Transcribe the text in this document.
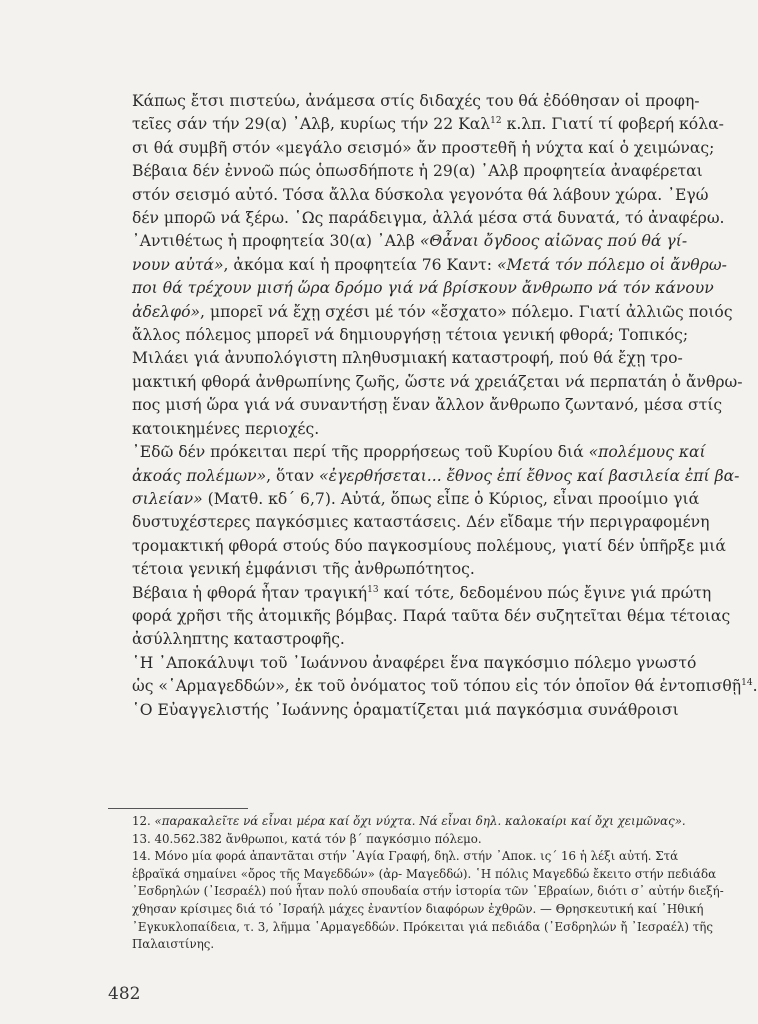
Κάπως ἔτσι πιστεύω, ἀνάμεσα στίς διδαχές του θά ἐδόθησαν οἱ προφη-
τεῖες σάν τήν 29(α) ᾿Αλβ, κυρίως τήν 22 Καλ$^{12}$ κ.λπ. Γιατί τί φοβερή κόλα-
σι θά συμβῆ στόν «μεγάλο σεισμό» ἄν προστεθῆ ἡ νύχτα καί ὁ χειμώνας;
Βέβαια δέν ἐννοῶ πώς ὁπωσδήποτε ἡ 29(α) ᾿Αλβ προφητεία ἀναφέρεται
στόν σεισμό αὐτό. Τόσα ἄλλα δύσκολα γεγονότα θά λάβουν χώρα. ᾿Εγώ
δέν μπορῶ νά ξέρω. ῾Ως παράδειγμα, ἀλλά μέσα στά δυνατά, τό ἀναφέρω.

᾿Αντιθέτως ἡ προφητεία 30(α) ᾿Αλβ «Θἆναι ὄγδοος αἰῶνας πού θά γί-
νουν αὐτά», ἀκόμα καί ἡ προφητεία 76 Καντ: «Μετά τόν πόλεμο οἱ ἄνθρω-
ποι θά τρέχουν μισή ὥρα δρόμο γιά νά βρίσκουν ἄνθρωπο νά τόν κάνουν
ἀδελφό», μπορεῖ νά ἔχῃ σχέσι μέ τόν «ἔσχατο» πόλεμο. Γιατί ἀλλιῶς ποιός
ἄλλος πόλεμος μπορεῖ νά δημιουργήσῃ τέτοια γενική φθορά; Τοπικός;

Μιλάει γιά ἀνυπολόγιστη πληθυσμιακή καταστροφή, πού θά ἔχῃ τρο-
μακτική φθορά ἀνθρωπίνης ζωῆς, ὥστε νά χρειάζεται νά περπατάη ὁ ἄνθρω-
πος μισή ὥρα γιά νά συναντήσῃ ἕναν ἄλλον ἄνθρωπο ζωντανό, μέσα στίς
κατοικημένες περιοχές.

᾿Εδῶ δέν πρόκειται περί τῆς προρρήσεως τοῦ Κυρίου διά «πολέμους καί
ἀκοάς πολέμων», ὅταν «ἐγερθήσεται... ἔθνος ἐπί ἔθνος καί βασιλεία ἐπί βα-
σιλείαν» (Ματθ. κδ΄ 6,7). Αὐτά, ὅπως εἶπε ὁ Κύριος, εἶναι προοίμιο γιά
δυστυχέστερες παγκόσμιες καταστάσεις. Δέν εἴδαμε τήν περιγραφομένη
τρομακτική φθορά στούς δύο παγκοσμίους πολέμους, γιατί δέν ὑπῆρξε μιά
τέτοια γενική ἐμφάνισι τῆς ἀνθρωπότητος.

Βέβαια ἡ φθορά ἦταν τραγική$^{13}$ καί τότε, δεδομένου πώς ἔγινε γιά πρώτη
φορά χρῆσι τῆς ἀτομικῆς βόμβας. Παρά ταῦτα δέν συζητεῖται θέμα τέτοιας
ἀσύλληπτης καταστροφῆς.

῾Η ᾿Αποκάλυψι τοῦ ᾿Ιωάννου ἀναφέρει ἕνα παγκόσμιο πόλεμο γνωστό
ὡς «῾Αρμαγεδδών», ἐκ τοῦ ὀνόματος τοῦ τόπου εἰς τόν ὁποῖον θά ἐντοπισθῇ$^{14}$.

῾Ο Εὐαγγελιστής ᾿Ιωάννης ὁραματίζεται μιά παγκόσμια συνάθροισι

12. «παρακαλεῖτε νά εἶναι μέρα καί ὄχι νύχτα. Νά εἶναι δηλ. καλοκαίρι καί ὄχι χειμῶνας».

13. 40.562.382 ἄνθρωποι, κατά τόν β΄ παγκόσμιο πόλεμο.

14. Μόνο μία φορά ἀπαντᾶται στήν ῾Αγία Γραφή, δηλ. στήν ᾿Αποκ. ις΄ 16 ἡ λέξι αὐτή. Στά
ἑβραϊκά σημαίνει «ὄρος τῆς Μαγεδδών» (ἀρ- Μαγεδδώ). ῾Η πόλις Μαγεδδώ ἔκειτο στήν πεδιάδα
᾿Εσδρηλών (᾿Ιεσραέλ) πού ἦταν πολύ σπουδαία στήν ἱστορία τῶν ῾Εβραίων, διότι σ᾿ αὐτήν διεξή-
χθησαν κρίσιμες διά τό ᾿Ισραήλ μάχες ἐναντίον διαφόρων ἐχθρῶν. — Θρησκευτική καί ᾿Ηθική
᾿Εγκυκλοπαίδεια, τ. 3, λῆμμα ῾Αρμαγεδδών. Πρόκειται γιά πεδιάδα (᾿Εσδρηλών ἤ ᾿Ιεσραέλ) τῆς
Παλαιστίνης.

482
